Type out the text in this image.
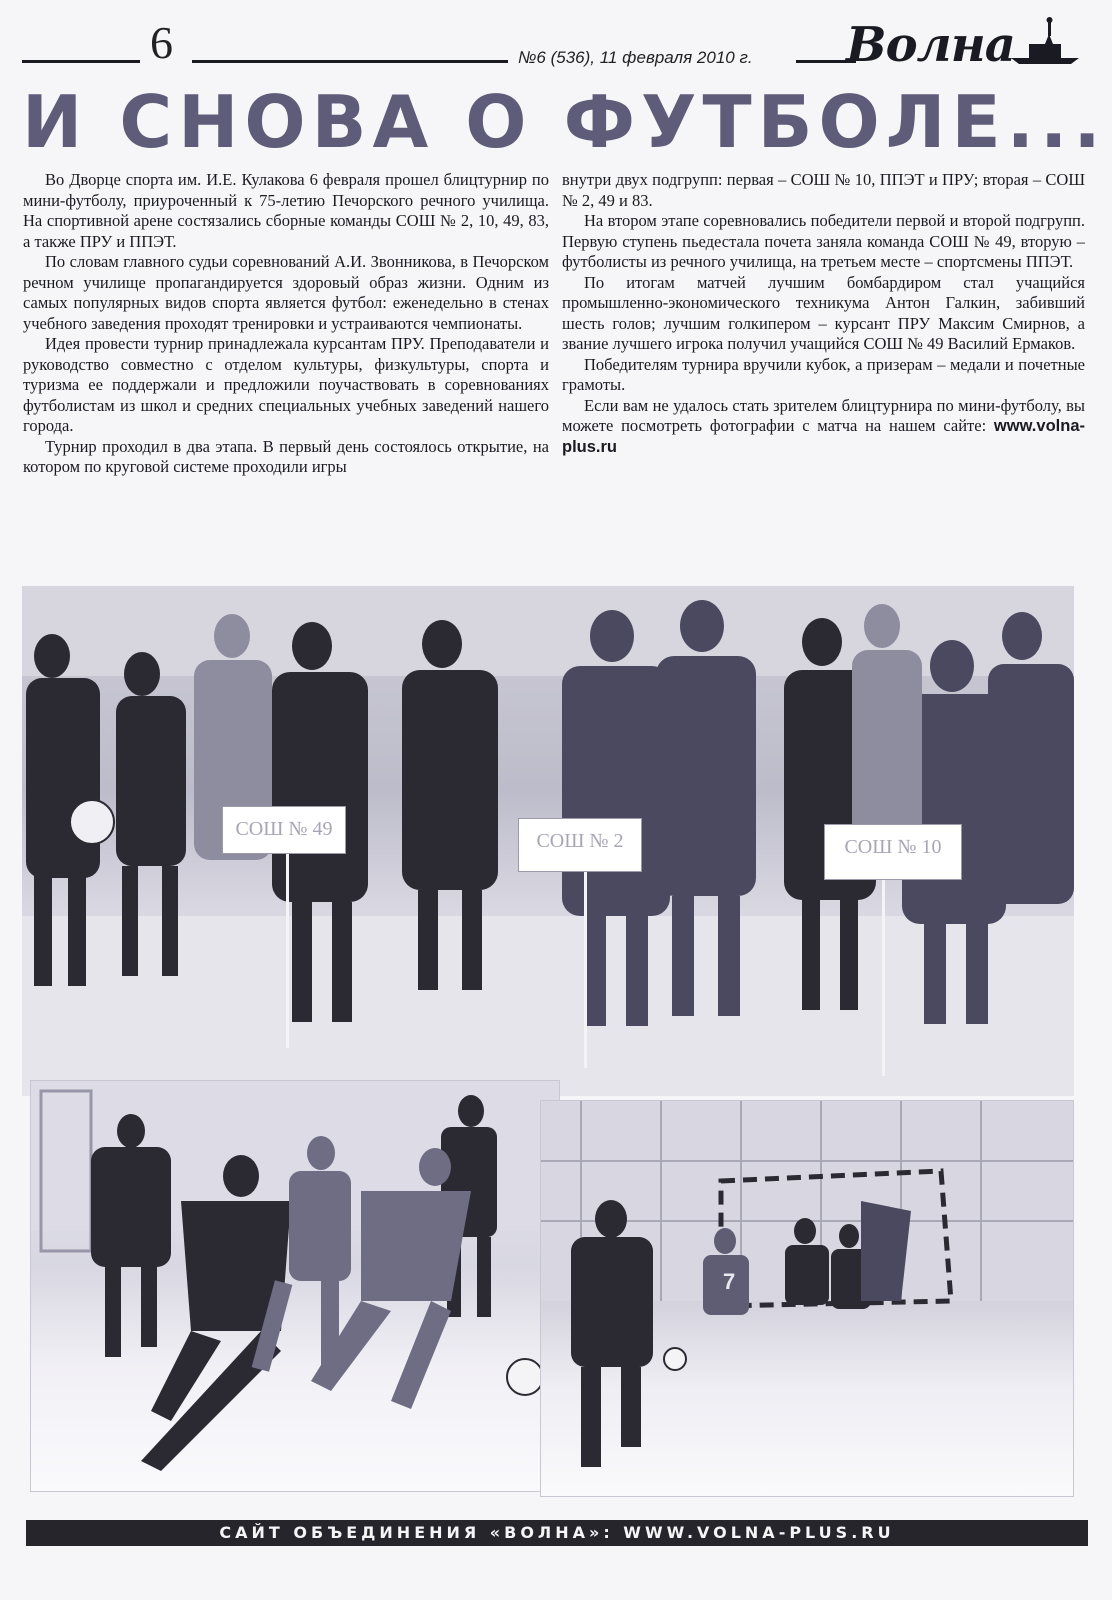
6	№6 (536), 11 февраля 2010 г. Волна
И СНОВА О ФУТБОЛЕ...

Во Дворце спорта им. И.Е. Кулакова 6 февраля прошел блицтурнир по мини-футболу, приуроченный к 75-летию Печорского речного училища. На спортивной арене состязались сборные команды СОШ № 2, 10, 49, 83, а также ПРУ и ППЭТ.

По словам главного судьи соревнований А.И. Звонникова, в Печорском речном училище пропагандируется здоровый образ жизни. Одним из самых популярных видов спорта является футбол: еженедельно в стенах учебного заведения проходят тренировки и устраиваются чемпионаты.

Идея провести турнир принадлежала курсантам ПРУ. Преподаватели и руководство совместно с отделом культуры, физкультуры, спорта и туризма ее поддержали и предложили поучаствовать в соревнованиях футболистам из школ и средних специальных учебных заведений нашего города.

Турнир проходил в два этапа. В первый день состоялось открытие, на котором по круговой системе проходили игры

внутри двух подгрупп: первая – СОШ № 10, ППЭТ и ПРУ; вторая – СОШ № 2, 49 и 83.

На втором этапе соревновались победители первой и второй подгрупп. Первую ступень пьедестала почета заняла команда СОШ № 49, вторую – футболисты из речного училища, на третьем месте – спортсмены ППЭТ.

По итогам матчей лучшим бомбардиром стал учащийся промышленно-экономического техникума Антон Галкин, забивший шесть голов; лучшим голкипером – курсант ПРУ Максим Смирнов, а звание лучшего игрока получил учащийся СОШ № 49 Василий Ермаков.

Победителям турнира вручили кубок, а призерам – медали и почетные грамоты.

Если вам не удалось стать зрителем блицтурнира по мини-футболу, вы можете посмотреть фотографии с матча на нашем сайте: www.volna-plus.ru

СОШ № 49
СОШ № 2	СОШ № 10
7
САЙТ ОБЪЕДИНЕНИЯ «ВОЛНА»: WWW.VOLNA-PLUS.RU
